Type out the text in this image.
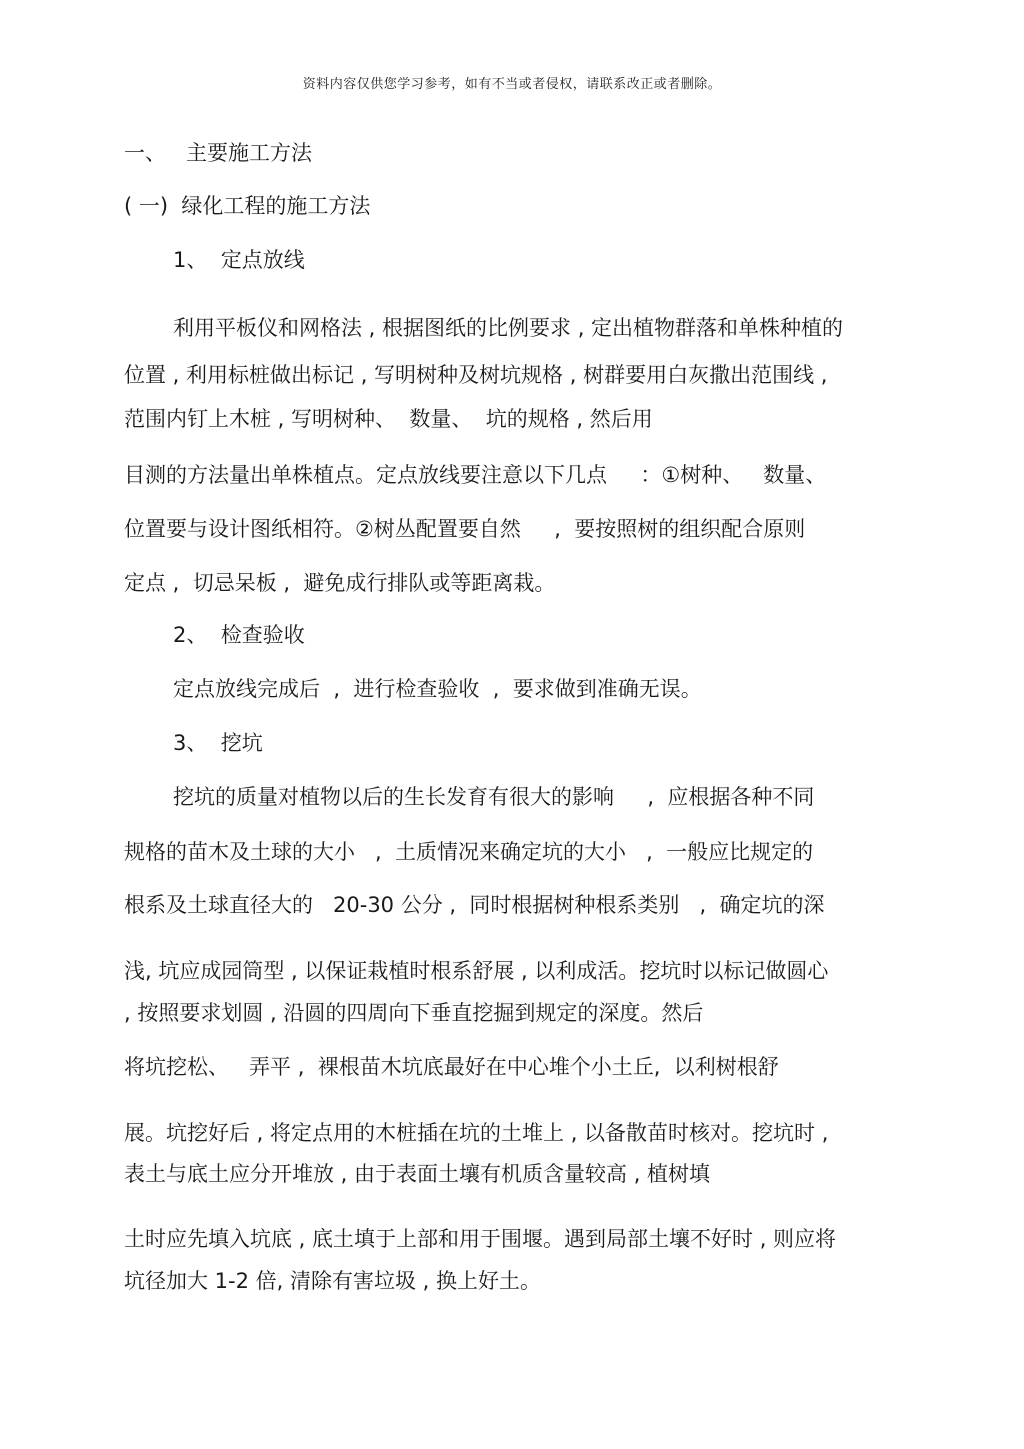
资料内容仅供您学习参考，如有不当或者侵权，请联系改正或者删除。
一、   主要施工方法
( 一)  绿化工程的施工方法
1、  定点放线
利用平板仪和网格法 , 根据图纸的比例要求 , 定出植物群落和单株种植的
位置 , 利用标桩做出标记 , 写明树种及树坑规格 , 树群要用白灰撒出范围线 ,
范围内钉上木桩 , 写明树种、  数量、  坑的规格 , 然后用
目测的方法量出单株植点。定点放线要注意以下几点     ：①树种、   数量、
位置要与设计图纸相符。②树丛配置要自然     ,  要按照树的组织配合原则
定点 ,  切忌呆板 ,  避免成行排队或等距离栽。
2、  检查验收
定点放线完成后  ,  进行检查验收  ,  要求做到准确无误。
3、  挖坑
挖坑的质量对植物以后的生长发育有很大的影响     ,  应根据各种不同
规格的苗木及土球的大小   ,  土质情况来确定坑的大小   ,  一般应比规定的
根系及土球直径大的   20-30 公分 ,  同时根据树种根系类别   ,  确定坑的深
浅, 坑应成园筒型 , 以保证栽植时根系舒展 , 以利成活。挖坑时以标记做圆心
, 按照要求划圆 , 沿圆的四周向下垂直挖掘到规定的深度。然后
将坑挖松、   弄平 ,  裸根苗木坑底最好在中心堆个小土丘,  以利树根舒
展。坑挖好后 , 将定点用的木桩插在坑的土堆上 , 以备散苗时核对。挖坑时 ,
表土与底土应分开堆放 , 由于表面土壤有机质含量较高 , 植树填
土时应先填入坑底 , 底土填于上部和用于围堰。遇到局部土壤不好时 , 则应将
坑径加大 1-2 倍, 清除有害垃圾 , 换上好土。
